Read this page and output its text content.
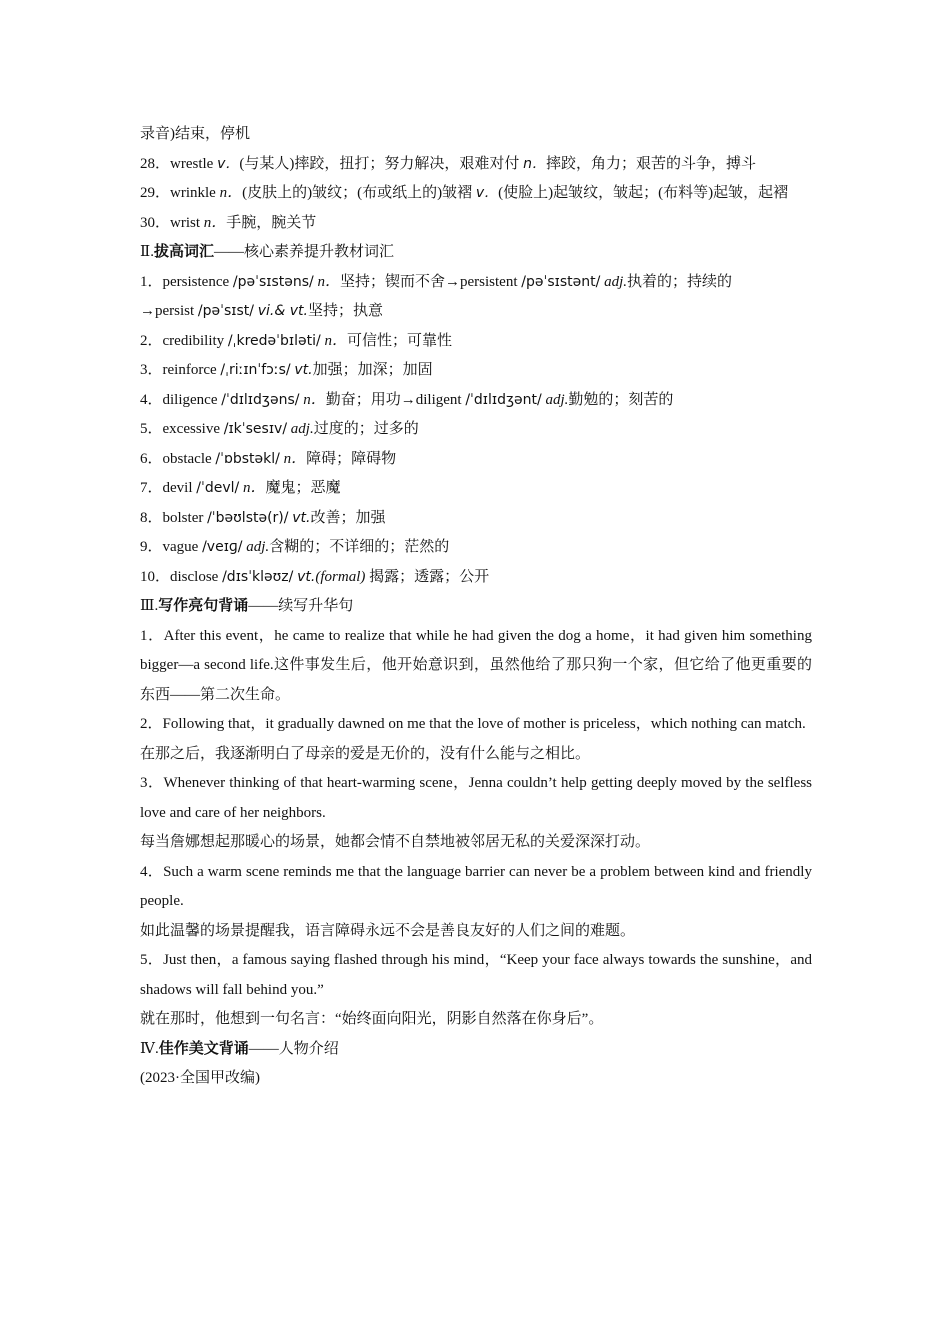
录音)结束，停机

28．wrestle v．(与某人)摔跤，扭打；努力解决，艰难对付 n．摔跤，角力；艰苦的斗争，搏斗

29．wrinkle n．(皮肤上的)皱纹；(布或纸上的)皱褶 v．(使脸上)起皱纹，皱起；(布料等)起皱，起褶

30．wrist n．手腕，腕关节

Ⅱ.拔高词汇——核心素养提升教材词汇

1．persistence /pəˈsɪstəns/ n．坚持；锲而不舍→persistent /pəˈsɪstənt/ adj.执着的；持续的

→persist /pəˈsɪst/ vi.& vt.坚持；执意

2．credibility /ˌkredəˈbɪləti/ n．可信性；可靠性

3．reinforce /ˌriːɪnˈfɔːs/ vt.加强；加深；加固

4．diligence /ˈdɪlɪdʒəns/ n．勤奋；用功→diligent /ˈdɪlɪdʒənt/ adj.勤勉的；刻苦的

5．excessive /ɪkˈsesɪv/ adj.过度的；过多的

6．obstacle /ˈɒbstəkl/ n．障碍；障碍物

7．devil /ˈdevl/ n．魔鬼；恶魔

8．bolster /ˈbəʊlstə(r)/ vt.改善；加强

9．vague /veɪɡ/ adj.含糊的；不详细的；茫然的

10．disclose /dɪsˈkləʊz/ vt.(formal) 揭露；透露；公开

Ⅲ.写作亮句背诵——续写升华句

1．After this event，he came to realize that while he had given the dog a home，it had given him something bigger—a second life.这件事发生后，他开始意识到，虽然他给了那只狗一个家，但它给了他更重要的东西——第二次生命。

2．Following that，it gradually dawned on me that the love of mother is priceless，which nothing can match.

在那之后，我逐渐明白了母亲的爱是无价的，没有什么能与之相比。

3．Whenever thinking of that heart-warming scene，Jenna couldn’t help getting deeply moved by the selfless love and care of her neighbors.

每当詹娜想起那暖心的场景，她都会情不自禁地被邻居无私的关爱深深打动。

4．Such a warm scene reminds me that the language barrier can never be a problem between kind and friendly people.

如此温馨的场景提醒我，语言障碍永远不会是善良友好的人们之间的难题。

5．Just then，a famous saying flashed through his mind，“Keep your face always towards the sunshine，and shadows will fall behind you.”

就在那时，他想到一句名言：“始终面向阳光，阴影自然落在你身后”。

Ⅳ.佳作美文背诵——人物介绍

(2023·全国甲改编)
